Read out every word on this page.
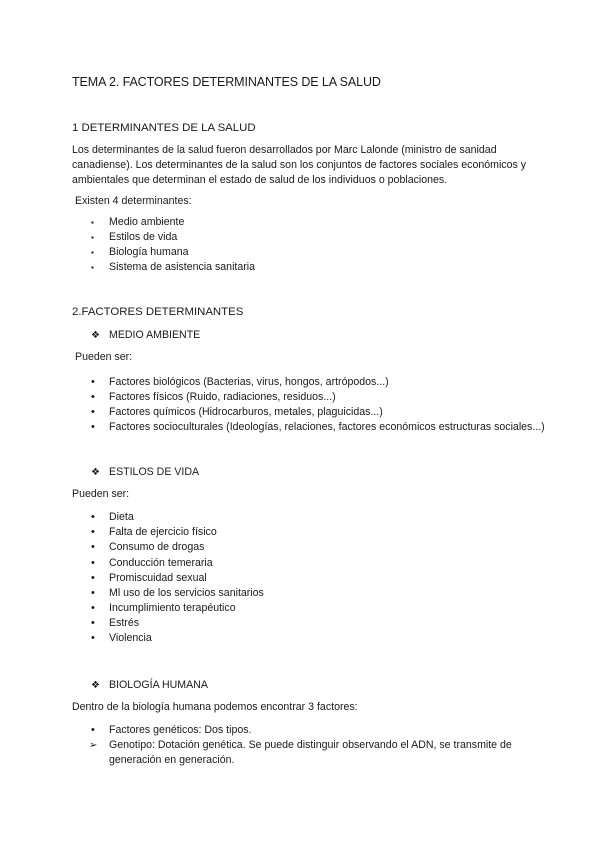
TEMA 2. FACTORES DETERMINANTES DE LA SALUD
1 DETERMINANTES DE LA SALUD
Los determinantes de la salud fueron desarrollados por Marc Lalonde (ministro de sanidad
canadiense). Los determinantes de la salud son los conjuntos de factores sociales económicos y
ambientales que determinan el estado de salud de los individuos o poblaciones.
Existen 4 determinantes:
▪ Medio ambiente
▪ Estilos de vida
▪ Biología humana
▪ Sistema de asistencia sanitaria
2.FACTORES DETERMINANTES
❖ MEDIO AMBIENTE
Pueden ser:
• Factores biológicos (Bacterias, virus, hongos, artrópodos...)
• Factores físicos (Ruido, radiaciones, residuos...)
• Factores químicos (Hidrocarburos, metales, plaguicidas...)
• Factores socioculturales (Ideologías, relaciones, factores económicos estructuras sociales...)
❖ ESTILOS DE VIDA
Pueden ser:
• Dieta
• Falta de ejercicio físico
• Consumo de drogas
• Conducción temeraria
• Promiscuidad sexual
• Ml uso de los servicios sanitarios
• Incumplimiento terapéutico
• Estrés
• Violencia
❖ BIOLOGÍA HUMANA
Dentro de la biología humana podemos encontrar 3 factores:
• Factores genéticos: Dos tipos.
➢ Genotipo: Dotación genética. Se puede distinguir observando el ADN, se transmite de
generación en generación.
